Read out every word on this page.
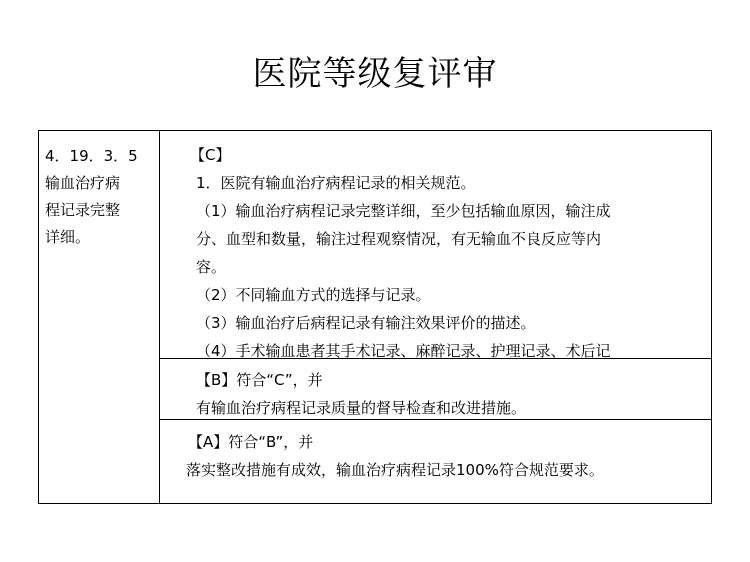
医院等级复评审
4．19．3．5
输血治疗病
程记录完整
详细。
【C】
1．医院有输血治疗病程记录的相关规范。
（1）输血治疗病程记录完整详细，至少包括输血原因，输注成
分、血型和数量，输注过程观察情况，有无输血不良反应等内
容。
（2）不同输血方式的选择与记录。
（3）输血治疗后病程记录有输注效果评价的描述。
（4）手术输血患者其手术记录、麻醉记录、护理记录、术后记
【B】符合“C”，并
有输血治疗病程记录质量的督导检查和改进措施。
【A】符合“B”，并
落实整改措施有成效，输血治疗病程记录100%符合规范要求。
